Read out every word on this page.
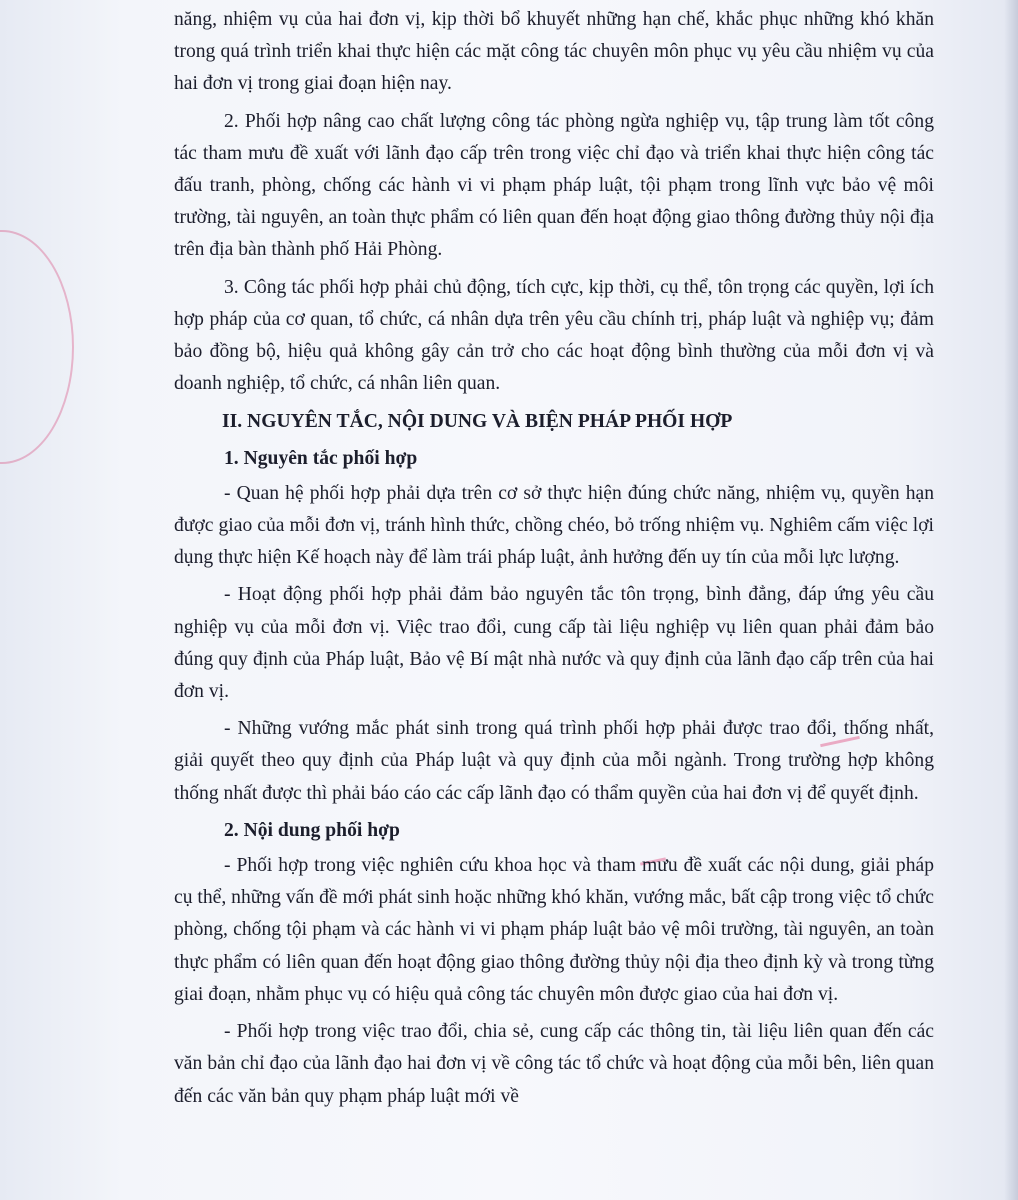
năng, nhiệm vụ của hai đơn vị, kịp thời bổ khuyết những hạn chế, khắc phục những khó khăn trong quá trình triển khai thực hiện các mặt công tác chuyên môn phục vụ yêu cầu nhiệm vụ của hai đơn vị trong giai đoạn hiện nay.

2. Phối hợp nâng cao chất lượng công tác phòng ngừa nghiệp vụ, tập trung làm tốt công tác tham mưu đề xuất với lãnh đạo cấp trên trong việc chỉ đạo và triển khai thực hiện công tác đấu tranh, phòng, chống các hành vi vi phạm pháp luật, tội phạm trong lĩnh vực bảo vệ môi trường, tài nguyên, an toàn thực phẩm có liên quan đến hoạt động giao thông đường thủy nội địa trên địa bàn thành phố Hải Phòng.

3. Công tác phối hợp phải chủ động, tích cực, kịp thời, cụ thể, tôn trọng các quyền, lợi ích hợp pháp của cơ quan, tổ chức, cá nhân dựa trên yêu cầu chính trị, pháp luật và nghiệp vụ; đảm bảo đồng bộ, hiệu quả không gây cản trở cho các hoạt động bình thường của mỗi đơn vị và doanh nghiệp, tổ chức, cá nhân liên quan.

II. NGUYÊN TẮC, NỘI DUNG VÀ BIỆN PHÁP PHỐI HỢP
1. Nguyên tắc phối hợp

- Quan hệ phối hợp phải dựa trên cơ sở thực hiện đúng chức năng, nhiệm vụ, quyền hạn được giao của mỗi đơn vị, tránh hình thức, chồng chéo, bỏ trống nhiệm vụ. Nghiêm cấm việc lợi dụng thực hiện Kế hoạch này để làm trái pháp luật, ảnh hưởng đến uy tín của mỗi lực lượng.

- Hoạt động phối hợp phải đảm bảo nguyên tắc tôn trọng, bình đẳng, đáp ứng yêu cầu nghiệp vụ của mỗi đơn vị. Việc trao đổi, cung cấp tài liệu nghiệp vụ liên quan phải đảm bảo đúng quy định của Pháp luật, Bảo vệ Bí mật nhà nước và quy định của lãnh đạo cấp trên của hai đơn vị.

- Những vướng mắc phát sinh trong quá trình phối hợp phải được trao đổi, thống nhất, giải quyết theo quy định của Pháp luật và quy định của mỗi ngành. Trong trường hợp không thống nhất được thì phải báo cáo các cấp lãnh đạo có thẩm quyền của hai đơn vị để quyết định.

2. Nội dung phối hợp

- Phối hợp trong việc nghiên cứu khoa học và tham mưu đề xuất các nội dung, giải pháp cụ thể, những vấn đề mới phát sinh hoặc những khó khăn, vướng mắc, bất cập trong việc tổ chức phòng, chống tội phạm và các hành vi vi phạm pháp luật bảo vệ môi trường, tài nguyên, an toàn thực phẩm có liên quan đến hoạt động giao thông đường thủy nội địa theo định kỳ và trong từng giai đoạn, nhằm phục vụ có hiệu quả công tác chuyên môn được giao của hai đơn vị.

- Phối hợp trong việc trao đổi, chia sẻ, cung cấp các thông tin, tài liệu liên quan đến các văn bản chỉ đạo của lãnh đạo hai đơn vị về công tác tổ chức và hoạt động của mỗi bên, liên quan đến các văn bản quy phạm pháp luật mới về
